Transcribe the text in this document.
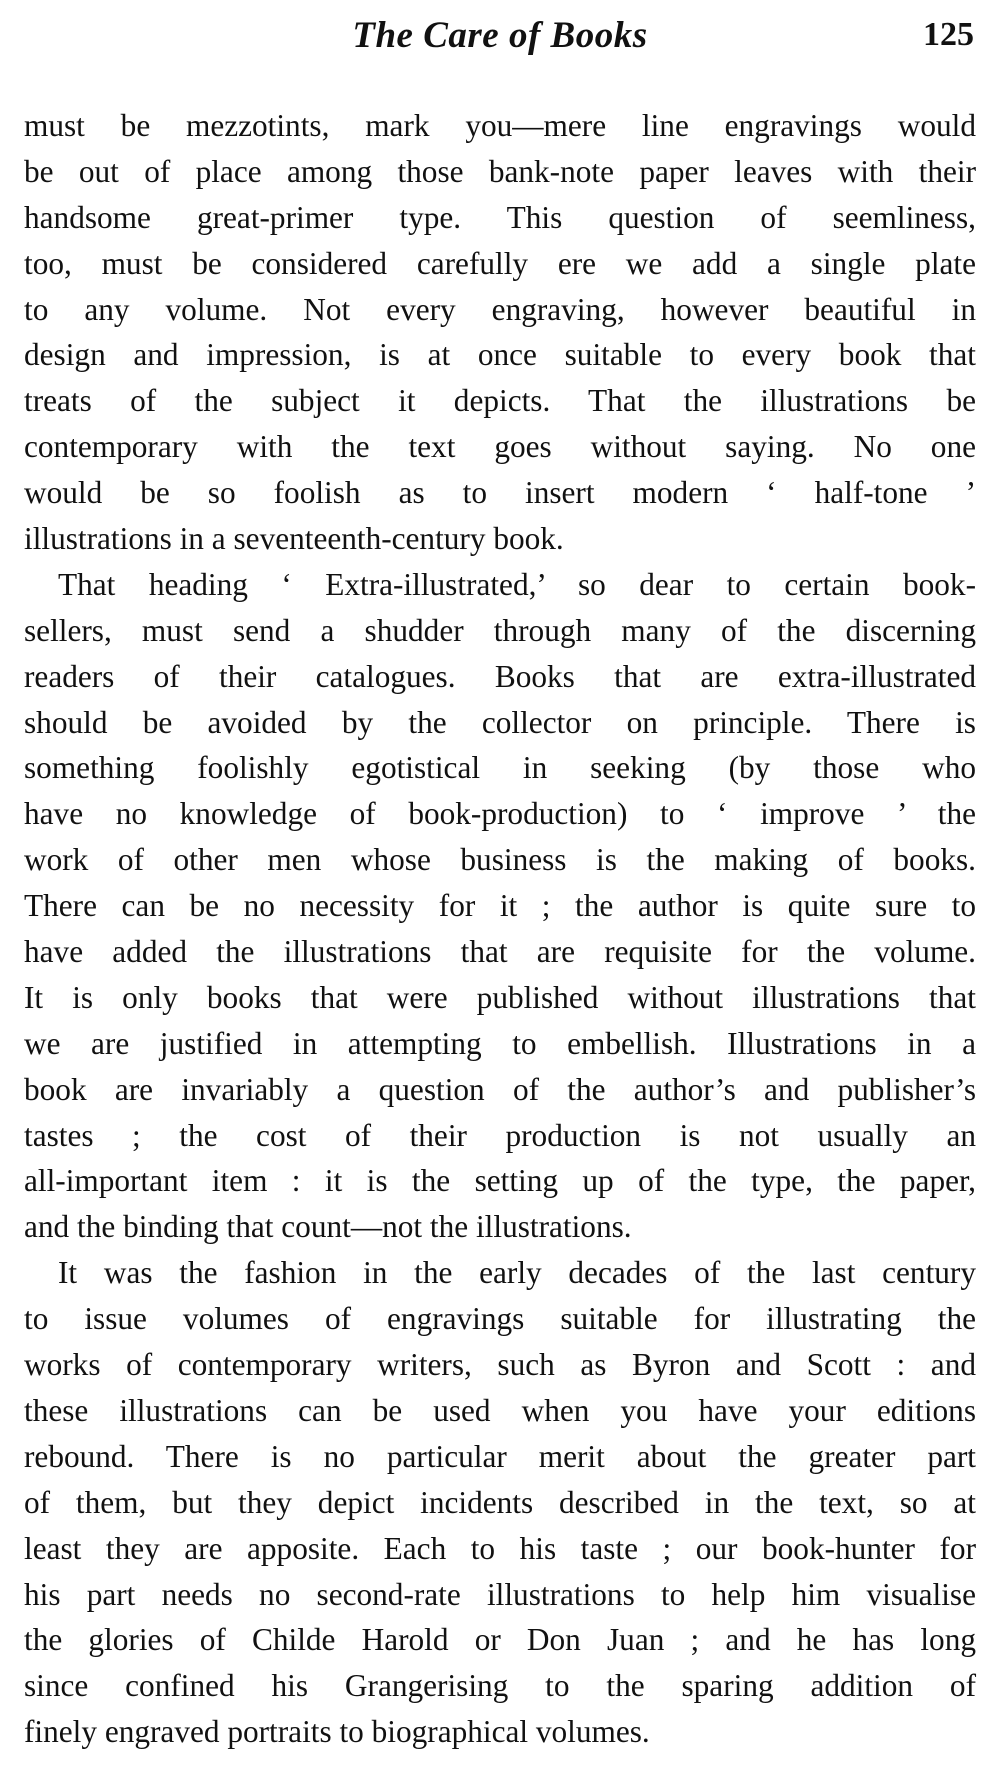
The Care of Books	125
must be mezzotints, mark you—mere line engravings would
be out of place among those bank-note paper leaves with their
handsome great-primer type. This question of seemliness,
too, must be considered carefully ere we add a single plate
to any volume. Not every engraving, however beautiful in
design and impression, is at once suitable to every book that
treats of the subject it depicts. That the illustrations be
contemporary with the text goes without saying. No one
would be so foolish as to insert modern ‘ half-tone ’
illustrations in a seventeenth-century book.
That heading ‘ Extra-illustrated,’ so dear to certain book-
sellers, must send a shudder through many of the discerning
readers of their catalogues. Books that are extra-illustrated
should be avoided by the collector on principle. There is
something foolishly egotistical in seeking (by those who
have no knowledge of book-production) to ‘ improve ’ the
work of other men whose business is the making of books.
There can be no necessity for it ; the author is quite sure to
have added the illustrations that are requisite for the volume.
It is only books that were published without illustrations that
we are justified in attempting to embellish. Illustrations in a
book are invariably a question of the author’s and publisher’s
tastes ; the cost of their production is not usually an
all-important item : it is the setting up of the type, the paper,
and the binding that count—not the illustrations.
It was the fashion in the early decades of the last century
to issue volumes of engravings suitable for illustrating the
works of contemporary writers, such as Byron and Scott : and
these illustrations can be used when you have your editions
rebound. There is no particular merit about the greater part
of them, but they depict incidents described in the text, so at
least they are apposite. Each to his taste ; our book-hunter for
his part needs no second-rate illustrations to help him visualise
the glories of Childe Harold or Don Juan ; and he has long
since confined his Grangerising to the sparing addition of
finely engraved portraits to biographical volumes.
